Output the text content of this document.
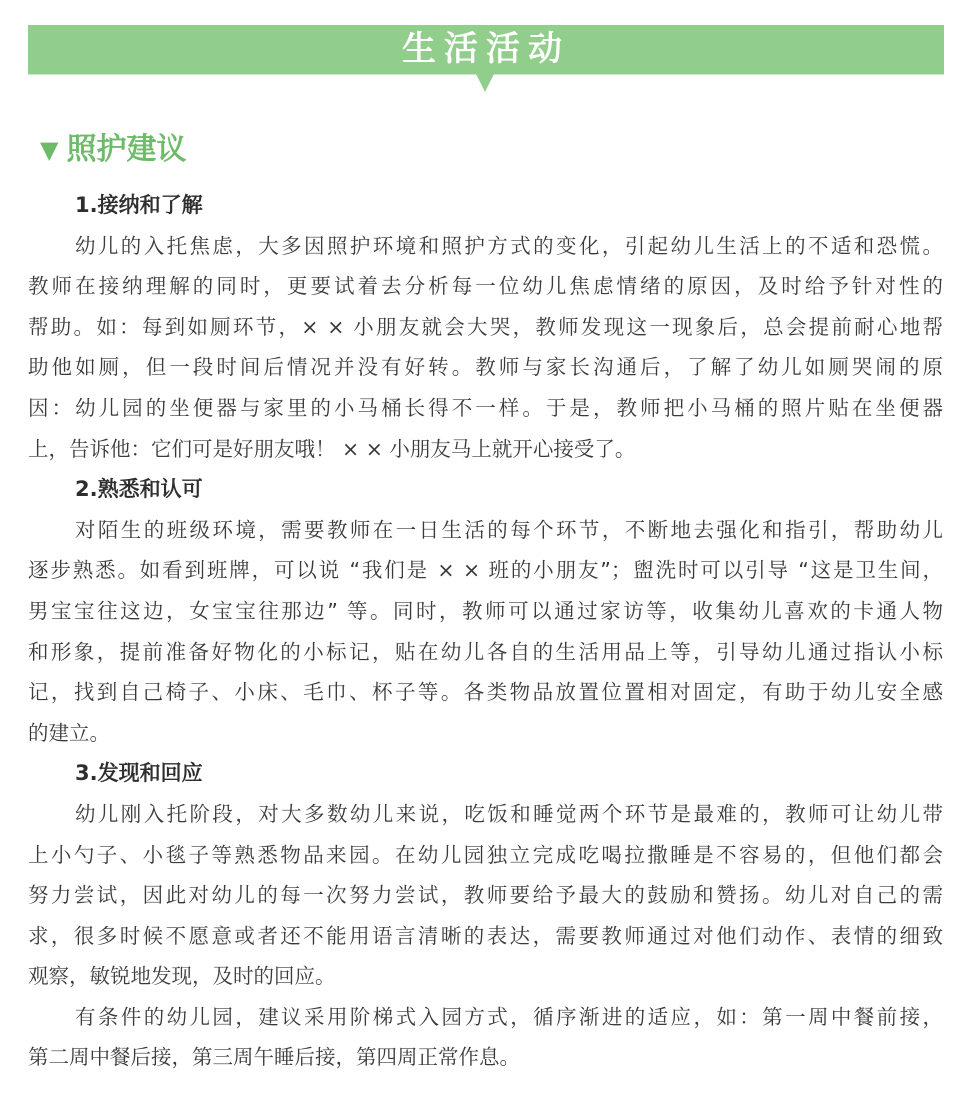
生活活动
▼ 照护建议
1.接纳和了解
幼儿的入托焦虑，大多因照护环境和照护方式的变化，引起幼儿生活上的不适和恐慌。
教师在接纳理解的同时，更要试着去分析每一位幼儿焦虑情绪的原因，及时给予针对性的
帮助。如：每到如厕环节，× × 小朋友就会大哭，教师发现这一现象后，总会提前耐心地帮
助他如厕，但一段时间后情况并没有好转。教师与家长沟通后，了解了幼儿如厕哭闹的原
因：幼儿园的坐便器与家里的小马桶长得不一样。于是，教师把小马桶的照片贴在坐便器
上，告诉他：它们可是好朋友哦！ × × 小朋友马上就开心接受了。
2.熟悉和认可
对陌生的班级环境，需要教师在一日生活的每个环节，不断地去强化和指引，帮助幼儿
逐步熟悉。如看到班牌，可以说 “我们是 × × 班的小朋友”；盥洗时可以引导 “这是卫生间，
男宝宝往这边，女宝宝往那边” 等。同时，教师可以通过家访等，收集幼儿喜欢的卡通人物
和形象，提前准备好物化的小标记，贴在幼儿各自的生活用品上等，引导幼儿通过指认小标
记，找到自己椅子、小床、毛巾、杯子等。各类物品放置位置相对固定，有助于幼儿安全感
的建立。
3.发现和回应
幼儿刚入托阶段，对大多数幼儿来说，吃饭和睡觉两个环节是最难的，教师可让幼儿带
上小勺子、小毯子等熟悉物品来园。在幼儿园独立完成吃喝拉撒睡是不容易的，但他们都会
努力尝试，因此对幼儿的每一次努力尝试，教师要给予最大的鼓励和赞扬。幼儿对自己的需
求，很多时候不愿意或者还不能用语言清晰的表达，需要教师通过对他们动作、表情的细致
观察，敏锐地发现，及时的回应。
有条件的幼儿园，建议采用阶梯式入园方式，循序渐进的适应，如：第一周中餐前接，
第二周中餐后接，第三周午睡后接，第四周正常作息。
